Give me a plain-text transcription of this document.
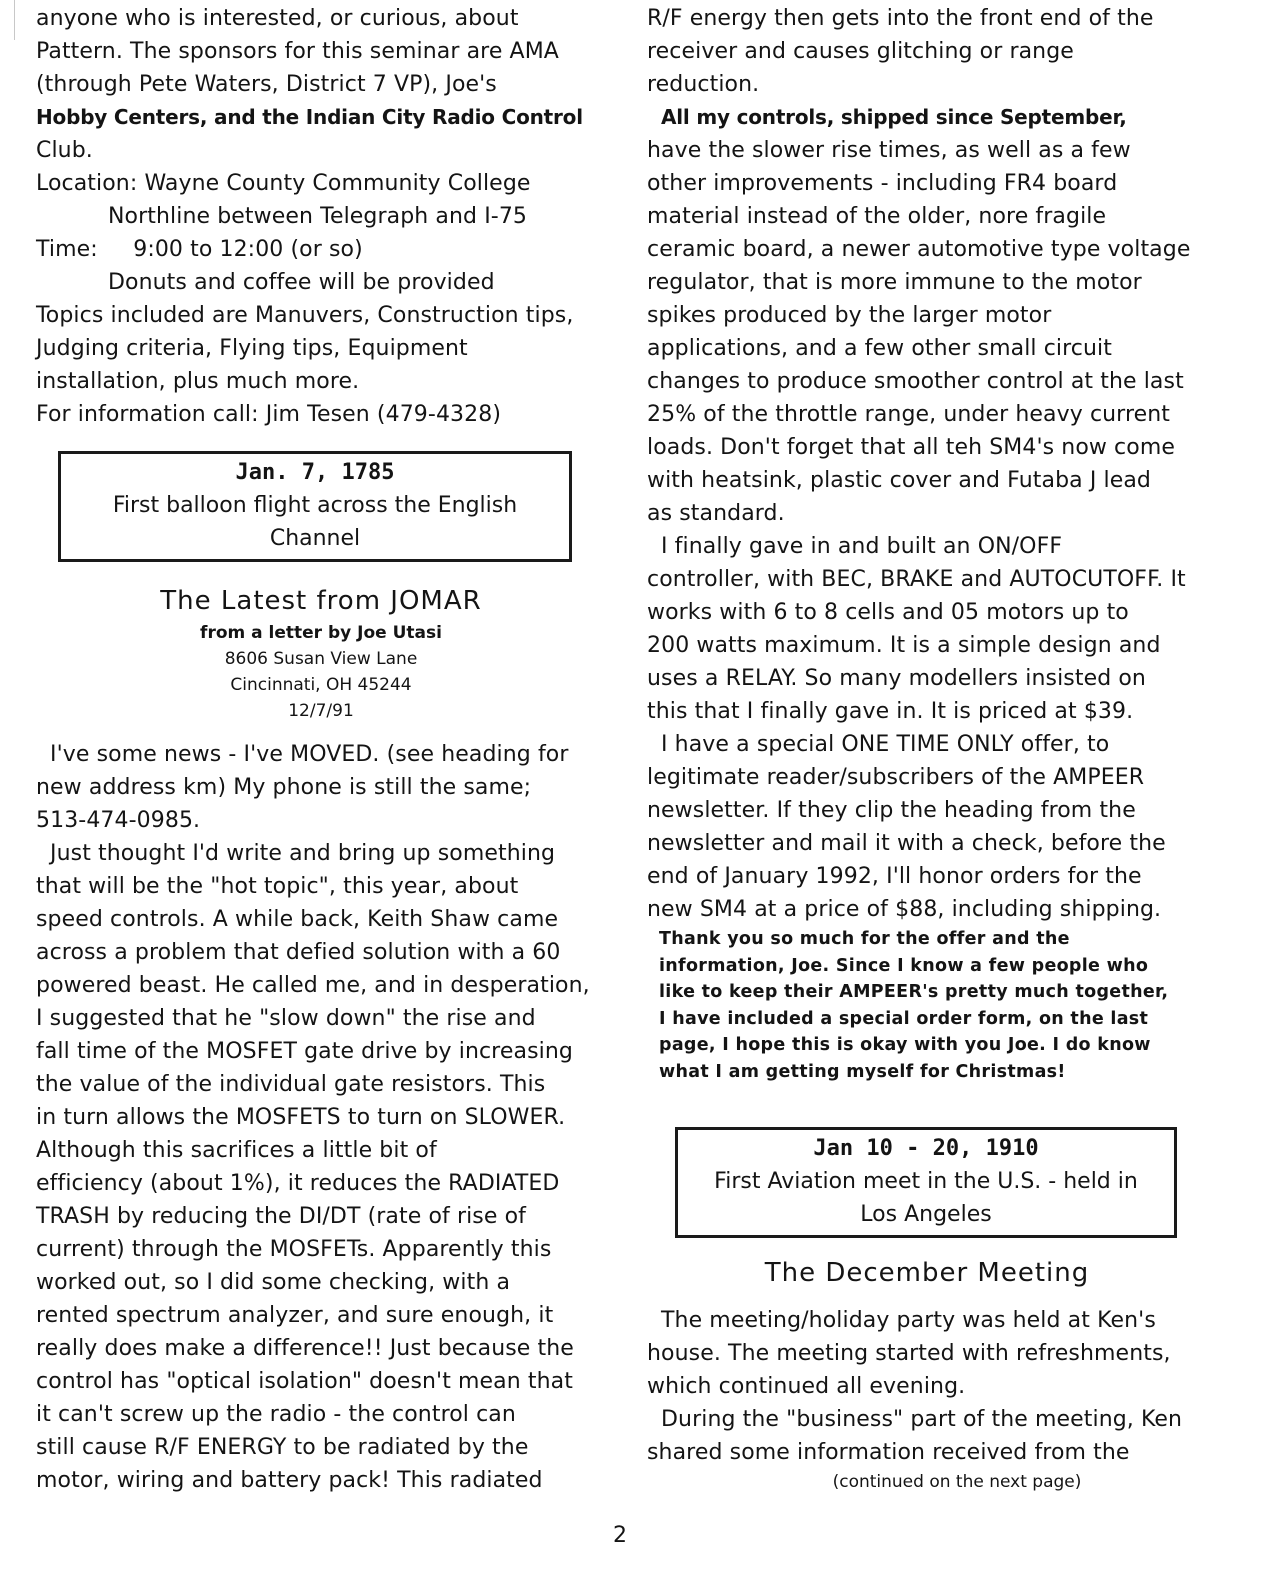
anyone who is interested, or curious, about

Pattern. The sponsors for this seminar are AMA

(through Pete Waters, District 7 VP), Joe's

Hobby Centers, and the Indian City Radio Control

Club.

Location: Wayne County Community College

Northline between Telegraph and I-75

Time:     9:00 to 12:00 (or so)

Donuts and coffee will be provided

Topics included are Manuvers, Construction tips,

Judging criteria, Flying tips, Equipment

installation, plus much more.

For information call: Jim Tesen (479-4328)

Jan. 7, 1785
First balloon flight across the English
Channel
The Latest from JOMAR
from a letter by Joe Utasi
8606 Susan View Lane
Cincinnati, OH 45244
12/7/91

I've some news - I've MOVED. (see heading for

new address km) My phone is still the same;

513-474-0985.

Just thought I'd write and bring up something

that will be the "hot topic", this year, about

speed controls. A while back, Keith Shaw came

across a problem that defied solution with a 60

powered beast. He called me, and in desperation,

I suggested that he "slow down" the rise and

fall time of the MOSFET gate drive by increasing

the value of the individual gate resistors. This

in turn allows the MOSFETS to turn on SLOWER.

Although this sacrifices a little bit of

efficiency (about 1%), it reduces the RADIATED

TRASH by reducing the DI/DT (rate of rise of

current) through the MOSFETs. Apparently this

worked out, so I did some checking, with a

rented spectrum analyzer, and sure enough, it

really does make a difference!! Just because the

control has "optical isolation" doesn't mean that

it can't screw up the radio - the control can

still cause R/F ENERGY to be radiated by the

motor, wiring and battery pack! This radiated

R/F energy then gets into the front end of the

receiver and causes glitching or range

reduction.

All my controls, shipped since September,

have the slower rise times, as well as a few

other improvements - including FR4 board

material instead of the older, nore fragile

ceramic board, a newer automotive type voltage

regulator, that is more immune to the motor

spikes produced by the larger motor

applications, and a few other small circuit

changes to produce smoother control at the last

25% of the throttle range, under heavy current

loads. Don't forget that all teh SM4's now come

with heatsink, plastic cover and Futaba J lead

as standard.

I finally gave in and built an ON/OFF

controller, with BEC, BRAKE and AUTOCUTOFF. It

works with 6 to 8 cells and 05 motors up to

200 watts maximum. It is a simple design and

uses a RELAY. So many modellers insisted on

this that I finally gave in. It is priced at $39.

I have a special ONE TIME ONLY offer, to

legitimate reader/subscribers of the AMPEER

newsletter. If they clip the heading from the

newsletter and mail it with a check, before the

end of January 1992, I'll honor orders for the

new SM4 at a price of $88, including shipping.

Thank you so much for the offer and the

information, Joe. Since I know a few people who

like to keep their AMPEER's pretty much together,

I have included a special order form, on the last

page, I hope this is okay with you Joe. I do know

what I am getting myself for Christmas!

Jan 10 - 20, 1910
First Aviation meet in the U.S. - held in
Los Angeles
The December Meeting

The meeting/holiday party was held at Ken's

house. The meeting started with refreshments,

which continued all evening.

During the "business" part of the meeting, Ken

shared some information received from the

(continued on the next page)
2
